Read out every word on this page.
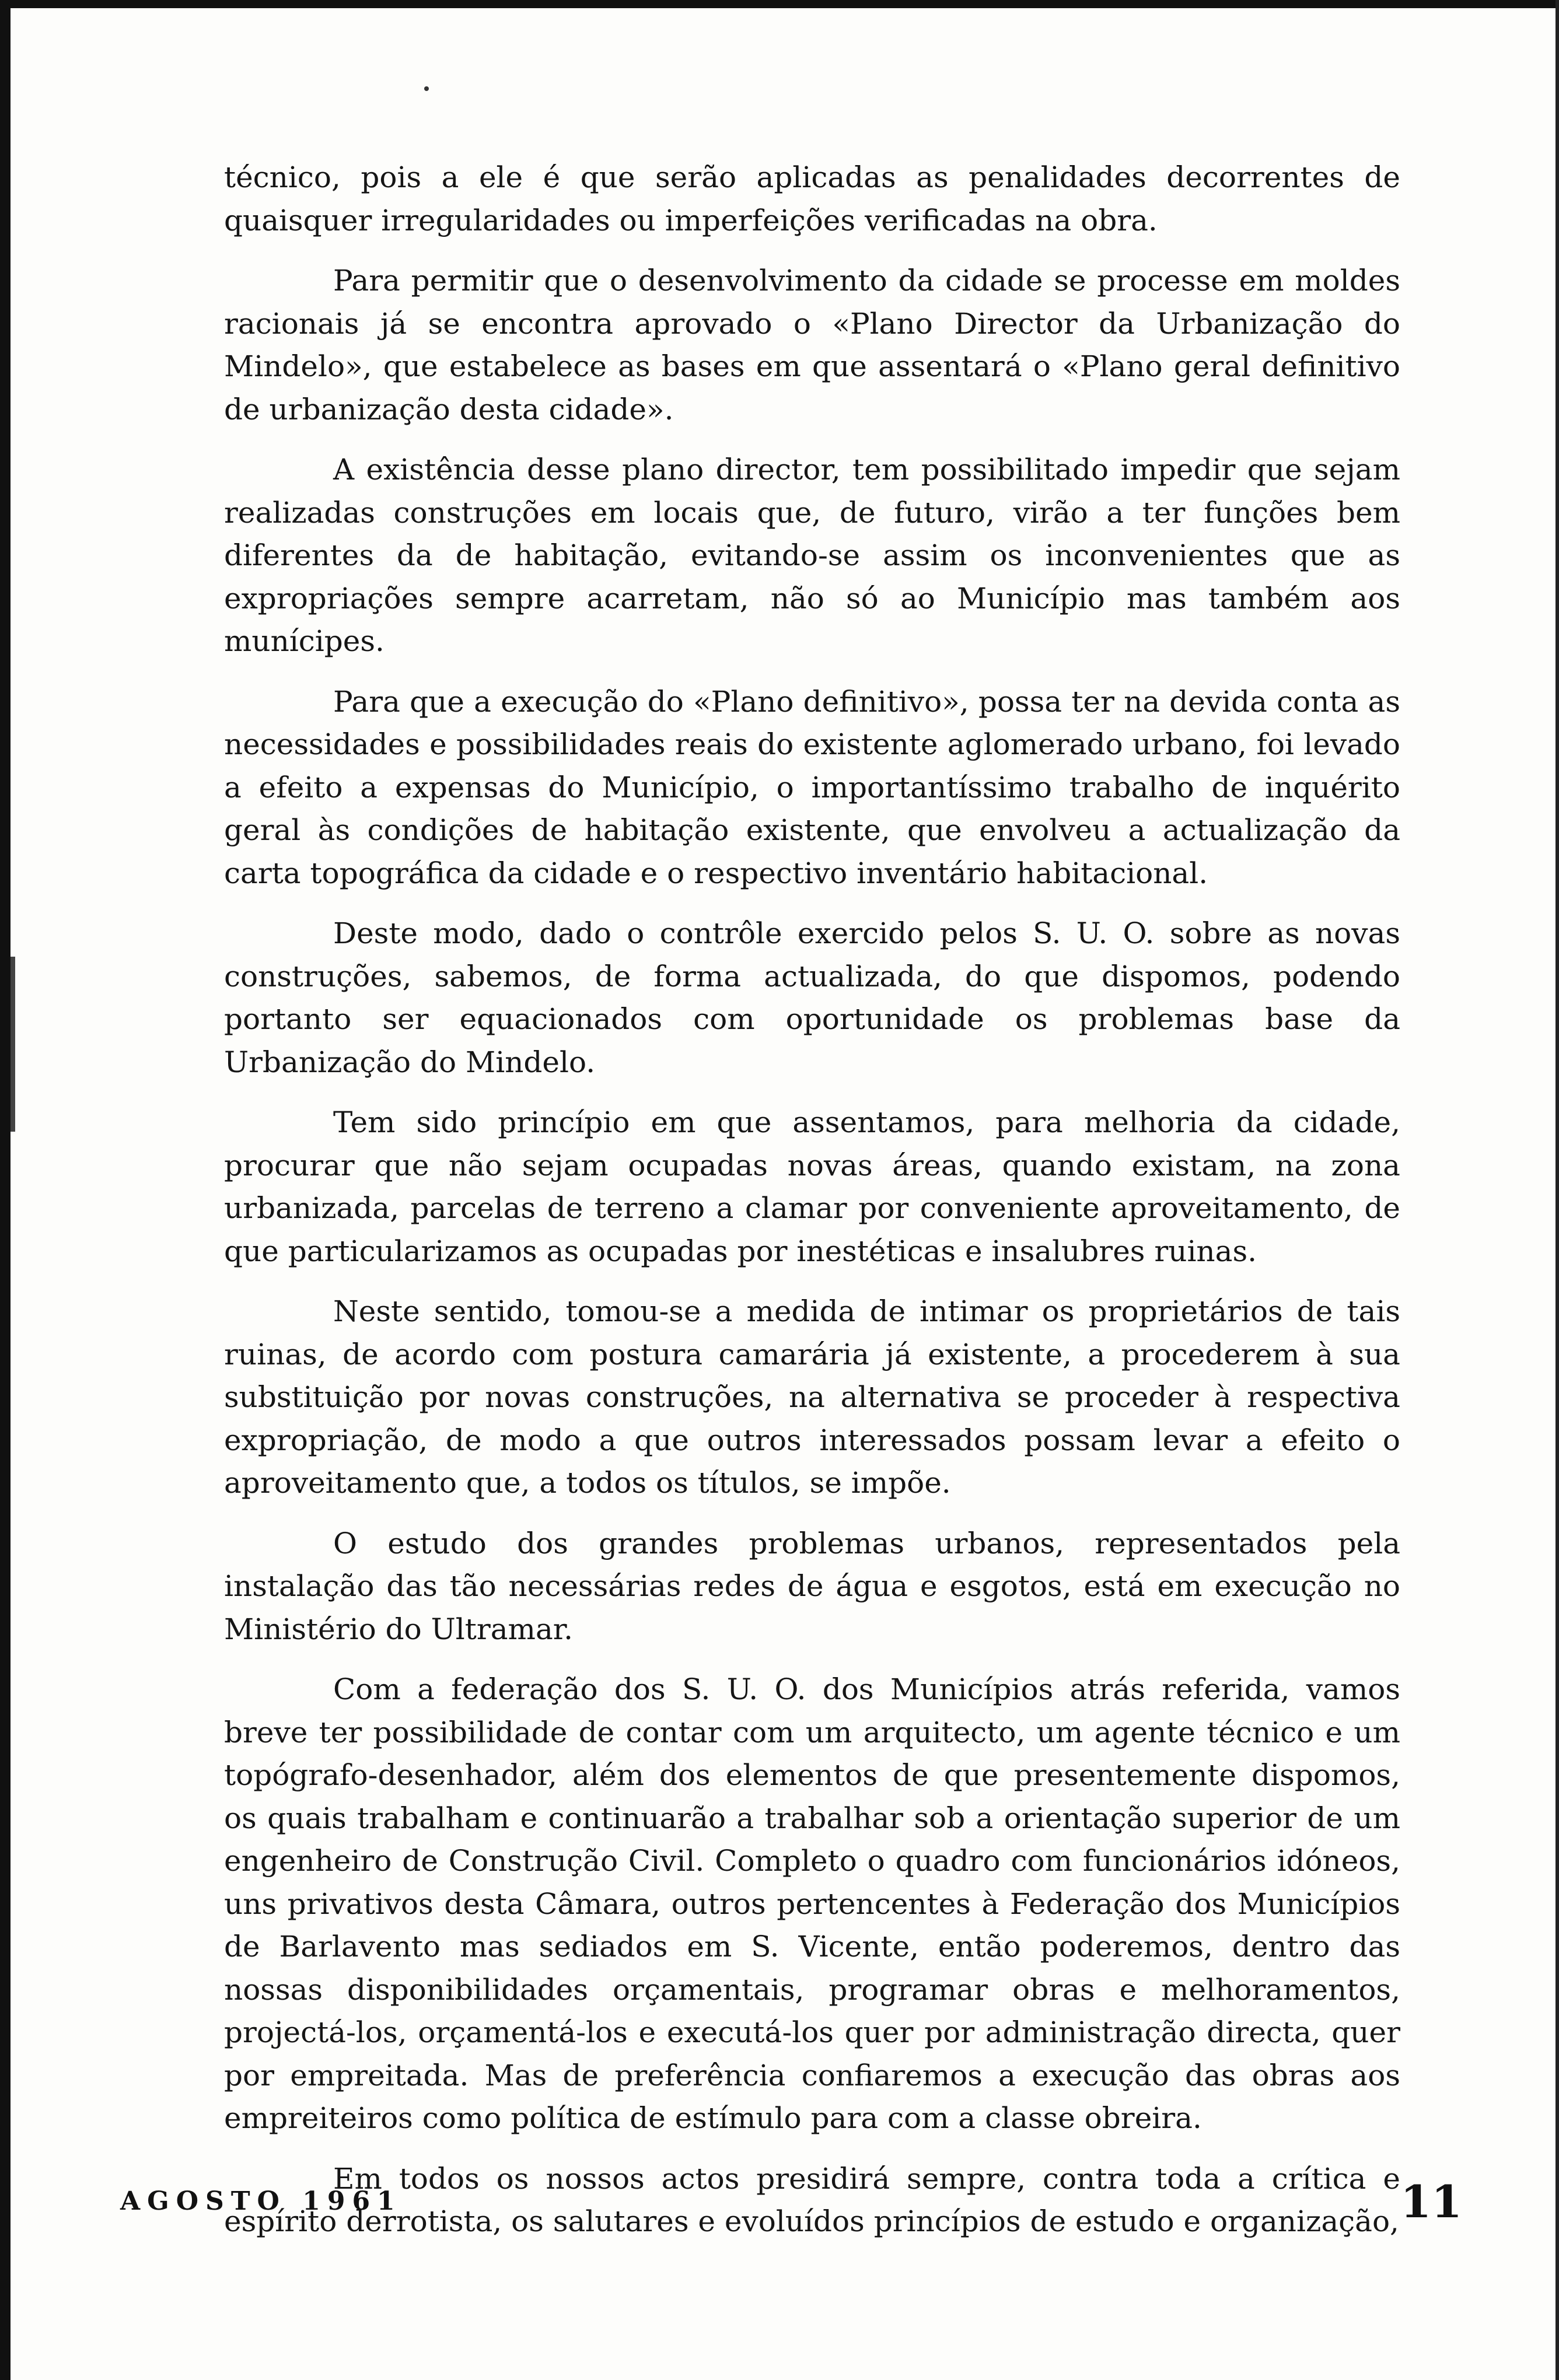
técnico, pois a ele é que serão aplicadas as penalidades decorrentes de quaisquer irregularidades ou imperfeições verificadas na obra.

Para permitir que o desenvolvimento da cidade se processe em moldes racionais já se encontra aprovado o «Plano Director da Urbanização do Mindelo», que estabelece as bases em que assentará o «Plano geral definitivo de urbanização desta cidade».

A existência desse plano director, tem possibilitado impedir que sejam realizadas construções em locais que, de futuro, virão a ter funções bem diferentes da de habitação, evitando-se assim os inconvenientes que as expropriações sempre acarretam, não só ao Município mas também aos munícipes.

Para que a execução do «Plano definitivo», possa ter na devida conta as necessidades e possibilidades reais do existente aglomerado urbano, foi levado a efeito a expensas do Município, o importantíssimo trabalho de inquérito geral às condições de habitação existente, que envolveu a actualização da carta topográfica da cidade e o respectivo inventário habitacional.

Deste modo, dado o contrôle exercido pelos S. U. O. sobre as novas construções, sabemos, de forma actualizada, do que dispomos, podendo portanto ser equacionados com oportunidade os problemas base da Urbanização do Mindelo.

Tem sido princípio em que assentamos, para melhoria da cidade, procurar que não sejam ocupadas novas áreas, quando existam, na zona urbanizada, parcelas de terreno a clamar por conveniente aproveitamento, de que particularizamos as ocupadas por inestéticas e insalubres ruinas.

Neste sentido, tomou-se a medida de intimar os proprietários de tais ruinas, de acordo com postura camarária já existente, a procederem à sua substituição por novas construções, na alternativa se proceder à respectiva expropriação, de modo a que outros interessados possam levar a efeito o aproveitamento que, a todos os títulos, se impõe.

O estudo dos grandes problemas urbanos, representados pela instalação das tão necessárias redes de água e esgotos, está em execução no Ministério do Ultramar.

Com a federação dos S. U. O. dos Municípios atrás referida, vamos breve ter possibilidade de contar com um arquitecto, um agente técnico e um topógrafo-desenhador, além dos elementos de que presentemente dispomos, os quais trabalham e continuarão a trabalhar sob a orientação superior de um engenheiro de Construção Civil. Completo o quadro com funcionários idóneos, uns privativos desta Câmara, outros pertencentes à Federação dos Municípios de Barlavento mas sediados em S. Vicente, então poderemos, dentro das nossas disponibilidades orçamentais, programar obras e melhoramentos, projectá-los, orçamentá-los e executá-los quer por administração directa, quer por empreitada. Mas de preferência confiaremos a execução das obras aos empreiteiros como política de estímulo para com a classe obreira.

Em todos os nossos actos presidirá sempre, contra toda a crítica e espírito derrotista, os salutares e evoluídos princípios de estudo e organização,

AGOSTO 1961	11
